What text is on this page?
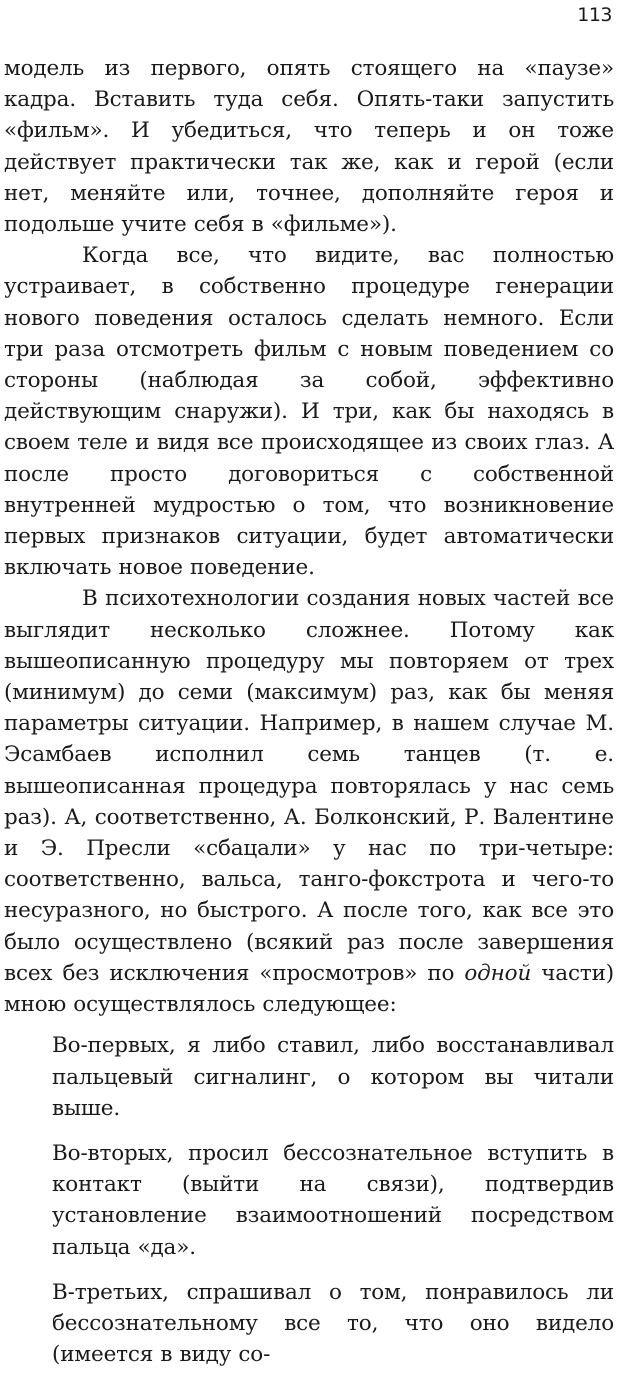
113

модель из первого, опять стоящего на «паузе» кадра. Вставить туда себя. Опять-таки запустить «фильм». И убедиться, что теперь и он тоже действует практически так же, как и герой (если нет, меняйте или, точнее, дополняйте героя и подольше учите себя в «фильме»).

Когда все, что видите, вас полностью устраивает, в собственно процедуре генерации нового поведения осталось сделать немного. Если три раза отсмотреть фильм с новым поведением со стороны (наблюдая за собой, эффективно действующим снаружи). И три, как бы находясь в своем теле и видя все происходящее из своих глаз. А после просто договориться с собственной внутренней мудростью о том, что возникновение первых признаков ситуации, будет автоматически включать новое поведение.

В психотехнологии создания новых частей все выглядит несколько сложнее. Потому как вышеописанную процедуру мы повторяем от трех (минимум) до семи (максимум) раз, как бы меняя параметры ситуации. Например, в нашем случае М. Эсамбаев исполнил семь танцев (т. е. вышеописанная процедура повторялась у нас семь раз). А, соответственно, А. Болконский, Р. Валентине и Э. Пресли «сбацали» у нас по три-четыре: соответственно, вальса, танго-фокстрота и чего-то несуразного, но быстрого. А после того, как все это было осуществлено (всякий раз после завершения всех без исключения «просмотров» по одной части) мною осуществлялось следующее:

Во-первых, я либо ставил, либо восстанавливал пальцевый сигналинг, о котором вы читали выше.

Во-вторых, просил бессознательное вступить в контакт (выйти на связи), подтвердив установление взаимоотношений посредством пальца «да».

В-третьих, спрашивал о том, понравилось ли бессознательному все то, что оно видело (имеется в виду со-
